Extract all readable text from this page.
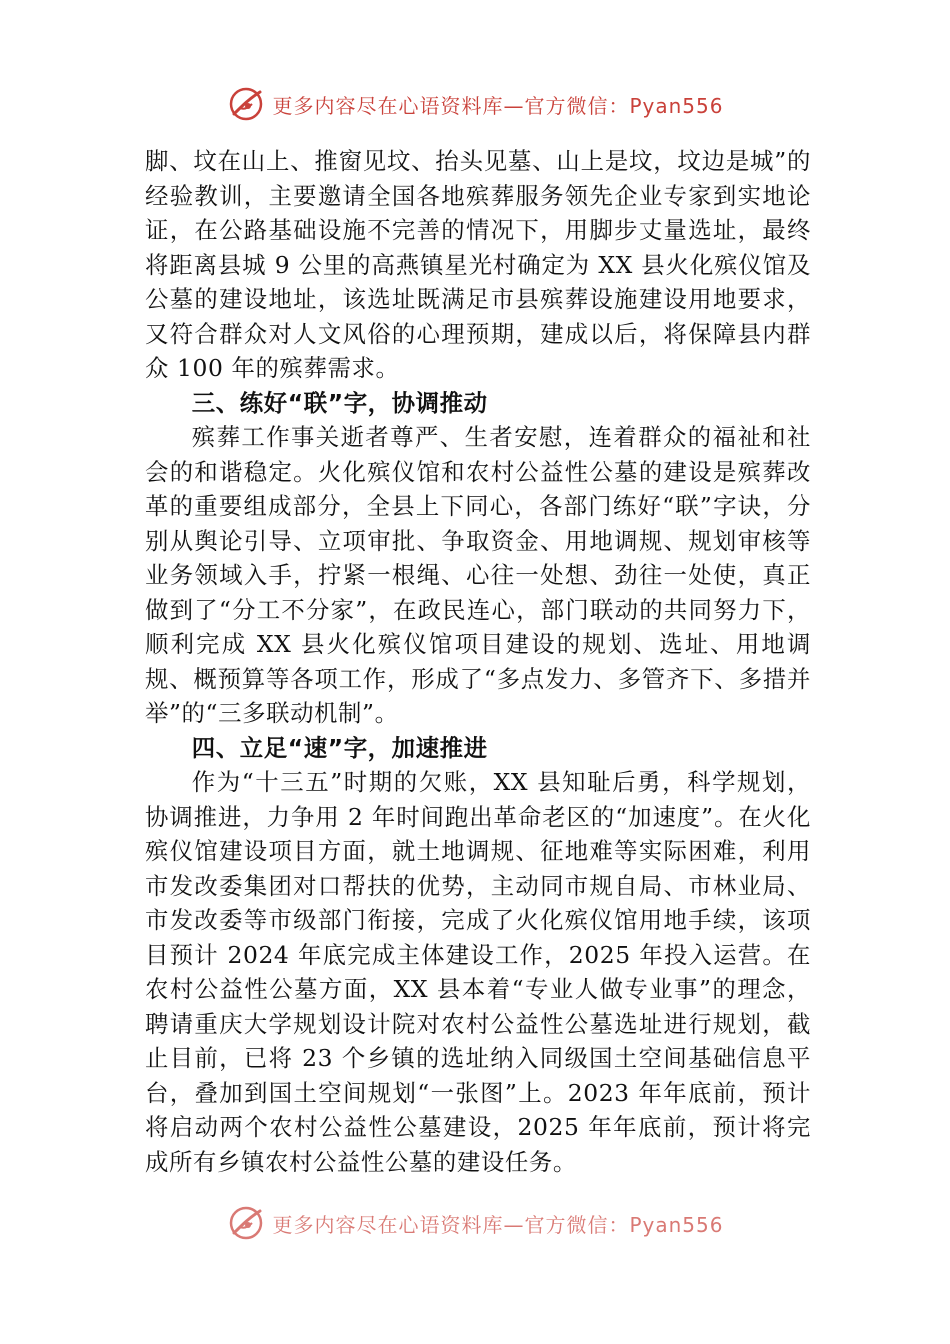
更多内容尽在心语资料库—官方微信：Pyan556

脚、坟在山上、推窗见坟、抬头见墓、山上是坟，坟边是城”的经验教训，主要邀请全国各地殡葬服务领先企业专家到实地论证，在公路基础设施不完善的情况下，用脚步丈量选址，最终将距离县城 9 公里的高燕镇星光村确定为 XX 县火化殡仪馆及公墓的建设地址，该选址既满足市县殡葬设施建设用地要求，又符合群众对人文风俗的心理预期，建成以后，将保障县内群众 100 年的殡葬需求。

三、练好“联”字，协调推动

殡葬工作事关逝者尊严、生者安慰，连着群众的福祉和社会的和谐稳定。火化殡仪馆和农村公益性公墓的建设是殡葬改革的重要组成部分，全县上下同心，各部门练好“联”字诀，分别从舆论引导、立项审批、争取资金、用地调规、规划审核等业务领域入手，拧紧一根绳、心往一处想、劲往一处使，真正做到了“分工不分家”，在政民连心，部门联动的共同努力下，顺利完成 XX 县火化殡仪馆项目建设的规划、选址、用地调规、概预算等各项工作，形成了“多点发力、多管齐下、多措并举”的“三多联动机制”。

四、立足“速”字，加速推进

作为“十三五”时期的欠账，XX 县知耻后勇，科学规划，协调推进，力争用 2 年时间跑出革命老区的“加速度”。在火化殡仪馆建设项目方面，就土地调规、征地难等实际困难，利用市发改委集团对口帮扶的优势，主动同市规自局、市林业局、市发改委等市级部门衔接，完成了火化殡仪馆用地手续，该项目预计 2024 年底完成主体建设工作，2025 年投入运营。在农村公益性公墓方面，XX 县本着“专业人做专业事”的理念，聘请重庆大学规划设计院对农村公益性公墓选址进行规划，截止目前，已将 23 个乡镇的选址纳入同级国土空间基础信息平台，叠加到国土空间规划“一张图”上。2023 年年底前，预计将启动两个农村公益性公墓建设，2025 年年底前，预计将完成所有乡镇农村公益性公墓的建设任务。

更多内容尽在心语资料库—官方微信：Pyan556
